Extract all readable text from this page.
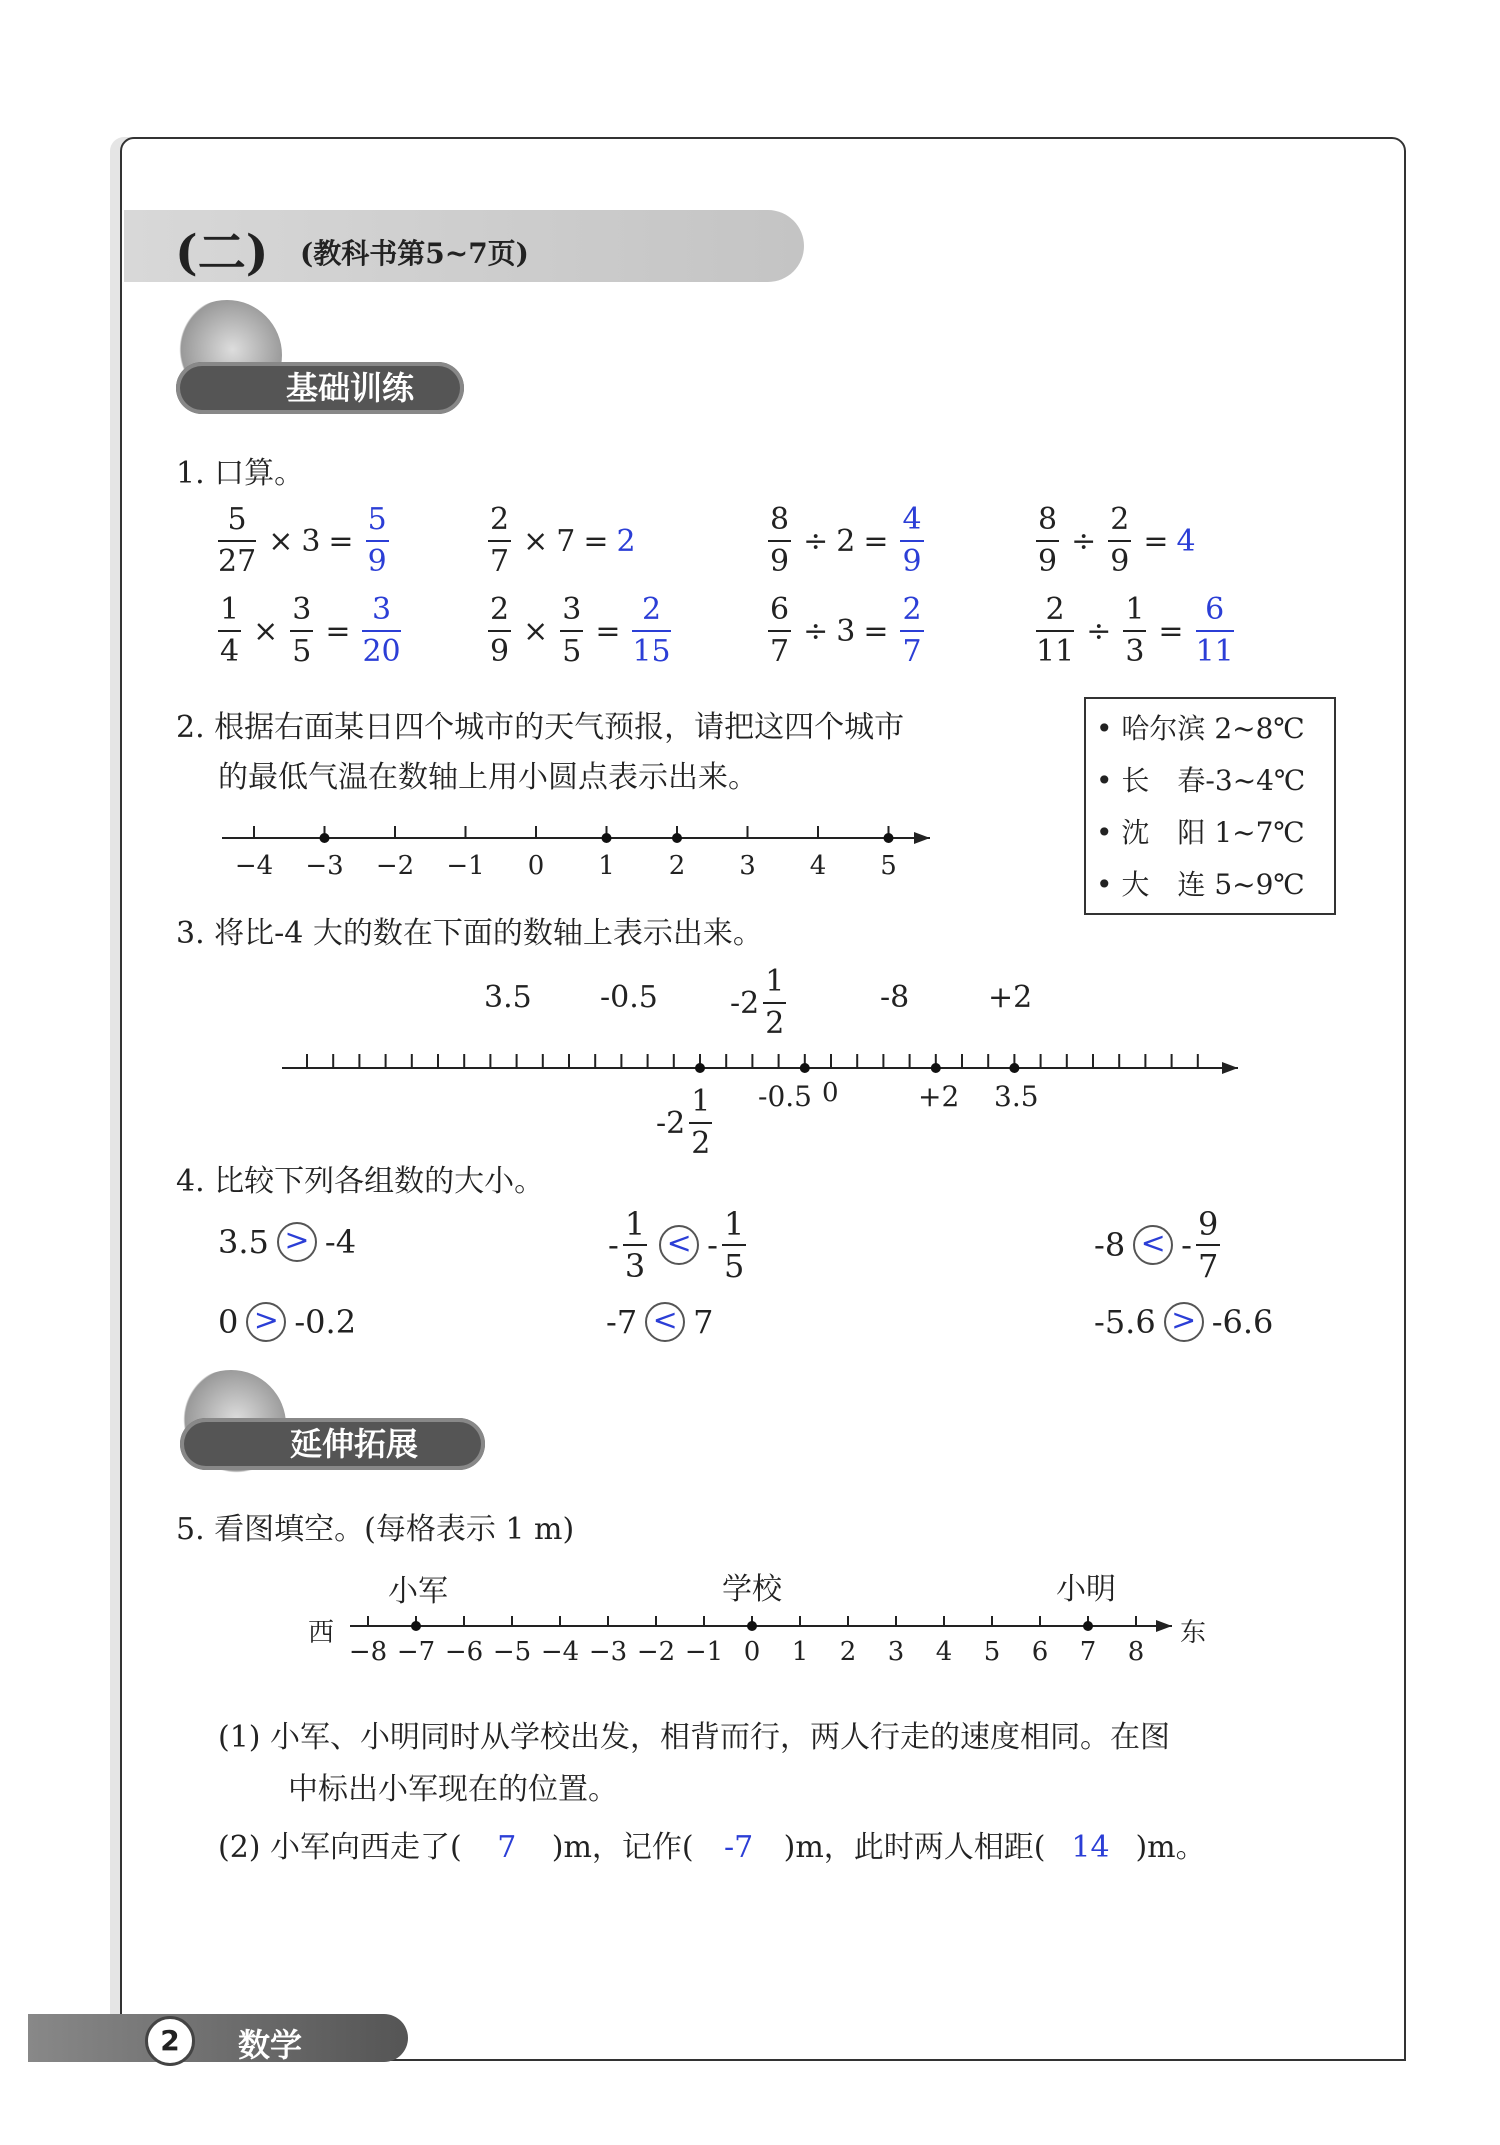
(二) (教科书第5~7页)
基础训练
1. 口算。
$\frac{5}{27} \times 3 = \frac{5}{9}$	$\frac{2}{7} \times 7 = 2$	$\frac{8}{9} \div 2 = \frac{4}{9}$	$\frac{8}{9} \div \frac{2}{9} = 4$
$\frac{1}{4} \times \frac{3}{5} = \frac{3}{20}$	$\frac{2}{9} \times \frac{3}{5} = \frac{2}{15}$	$\frac{6}{7} \div 3 = \frac{2}{7}$	$\frac{2}{11} \div \frac{1}{3} = \frac{6}{11}$
2. 根据右面某日四个城市的天气预报，请把这四个城市
的最低气温在数轴上用小圆点表示出来。
• 哈尔滨 2~8℃
• 长　春-3~4℃
• 沈　阳 1~7℃
• 大　连 5~9℃
−4 −3 −2 −1 0 1 2 3 4 5
3. 将比-4 大的数在下面的数轴上表示出来。
3.5 -0.5 $-2 \frac{1}{2}$	-8	+2
$-2 \frac{1}{2} -0.5$ 0	+2 3.5
4. 比较下列各组数的大小。
3.5 > -4	- $\frac{1}{3}$ < - $\frac{1}{5}$	-8 < - $\frac{9}{7}$
0 > -0.2	-7 < 7	-5.6 > -6.6
延伸拓展
5. 看图填空。(每格表示 1 m)
小军	学校	小明
西	东
−8 −7 −6 −5 −4 −3 −2 −1 0 1 2 3 4 5 6 7 8
(1) 小军、小明同时从学校出发，相背而行，两人行走的速度相同。在图
中标出小军现在的位置。
(2) 小军向西走了( 7 )m，记作( -7 )m，此时两人相距( 14 )m。
2	数学
